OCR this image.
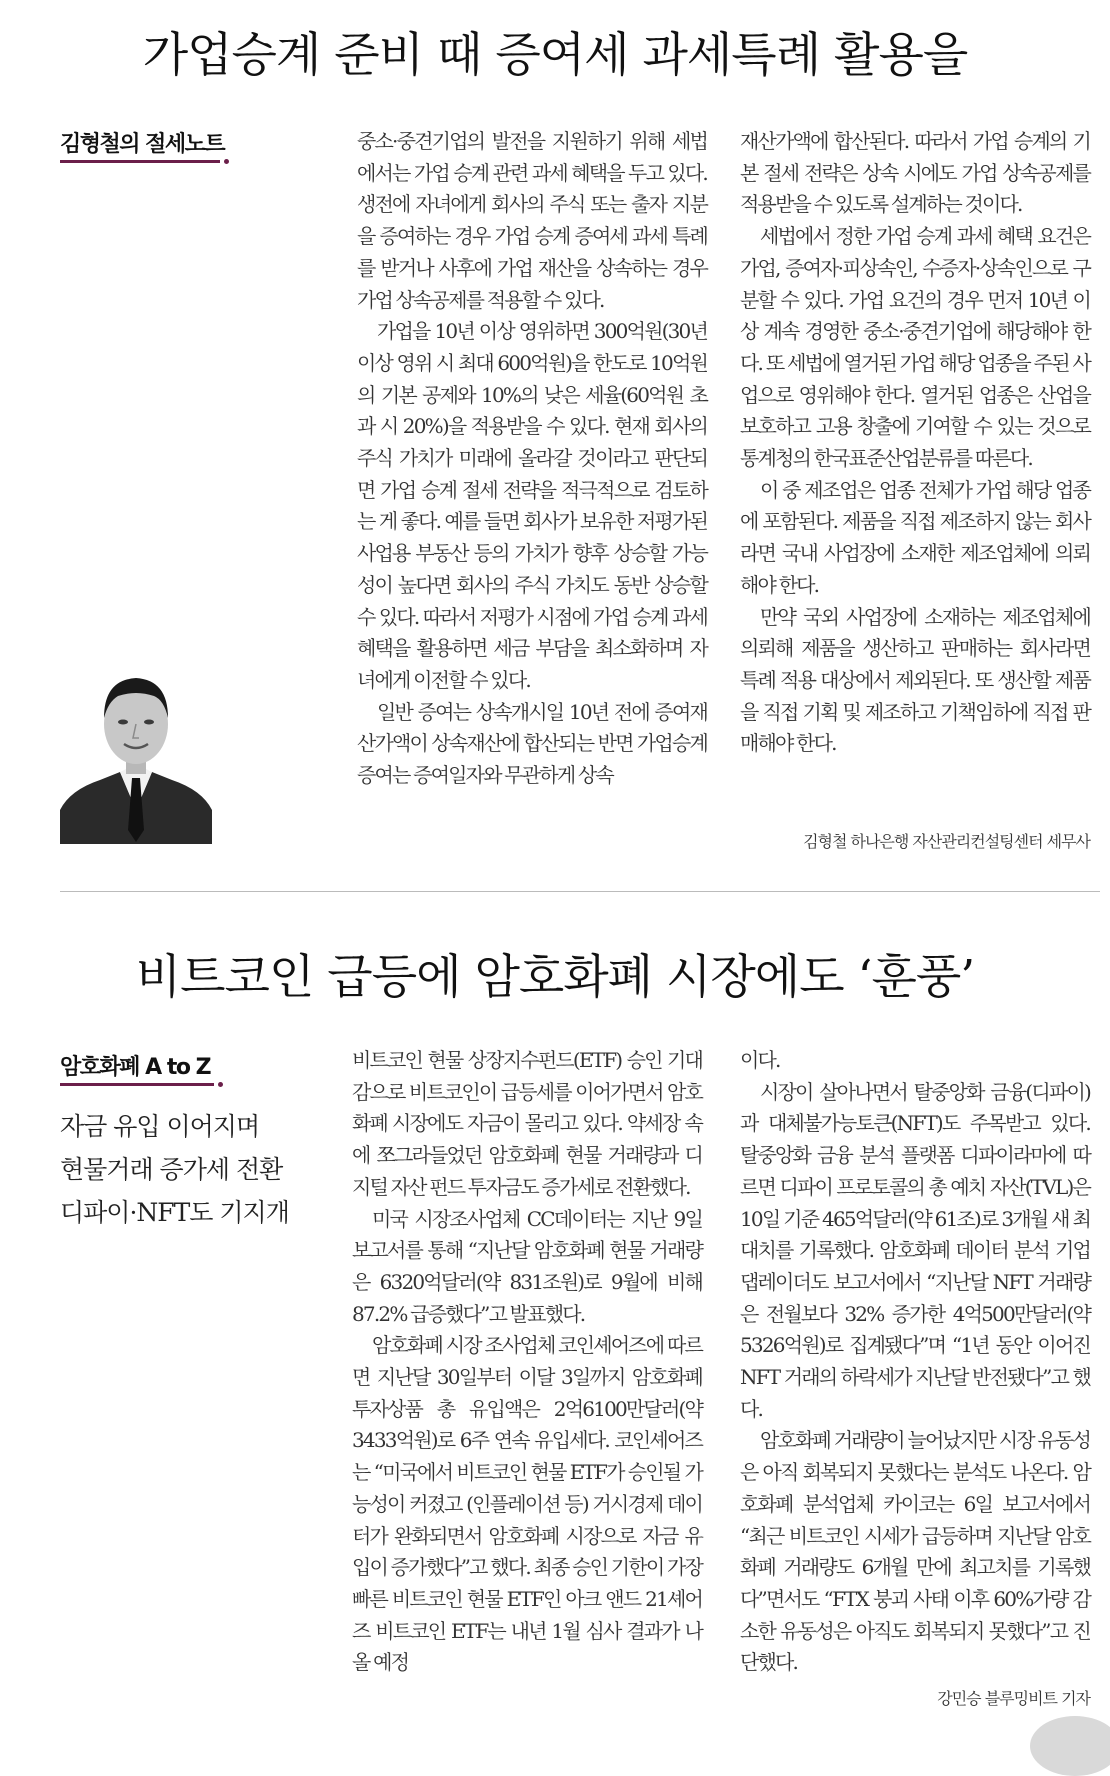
가업승계 준비 때 증여세 과세특례 활용을
김형철의 절세노트	중소·중견기업의 발전을 지원하기 위해 세법에서는 가업 승계 관련 과세 혜택을 두고 있다. 생전에 자녀에게 회사의 주식 또는 출자 지분을 증여하는 경우 가업 승계 증여세 과세 특례를 받거나 사후에 가업 재산을 상속하는 경우 가업 상속공제를 적용할 수 있다.

가업을 10년 이상 영위하면 300억원(30년 이상 영위 시 최대 600억원)을 한도로 10억원의 기본 공제와 10%의 낮은 세율(60억원 초과 시 20%)을 적용받을 수 있다. 현재 회사의 주식 가치가 미래에 올라갈 것이라고 판단되면 가업 승계 절세 전략을 적극적으로 검토하는 게 좋다. 예를 들면 회사가 보유한 저평가된 사업용 부동산 등의 가치가 향후 상승할 가능성이 높다면 회사의 주식 가치도 동반 상승할 수 있다. 따라서 저평가 시점에 가업 승계 과세 혜택을 활용하면 세금 부담을 최소화하며 자녀에게 이전할 수 있다.

일반 증여는 상속개시일 10년 전에 증여재산가액이 상속재산에 합산되는 반면 가업승계 증여는 증여일자와 무관하게 상속

재산가액에 합산된다. 따라서 가업 승계의 기본 절세 전략은 상속 시에도 가업 상속공제를 적용받을 수 있도록 설계하는 것이다.

세법에서 정한 가업 승계 과세 혜택 요건은 가업, 증여자·피상속인, 수증자·상속인으로 구분할 수 있다. 가업 요건의 경우 먼저 10년 이상 계속 경영한 중소·중견기업에 해당해야 한다. 또 세법에 열거된 가업 해당 업종을 주된 사업으로 영위해야 한다. 열거된 업종은 산업을 보호하고 고용 창출에 기여할 수 있는 것으로 통계청의 한국표준산업분류를 따른다.

이 중 제조업은 업종 전체가 가업 해당 업종에 포함된다. 제품을 직접 제조하지 않는 회사라면 국내 사업장에 소재한 제조업체에 의뢰해야 한다.

만약 국외 사업장에 소재하는 제조업체에 의뢰해 제품을 생산하고 판매하는 회사라면 특례 적용 대상에서 제외된다. 또 생산할 제품을 직접 기획 및 제조하고 기책임하에 직접 판매해야 한다.

김형철 하나은행 자산관리컨설팅센터 세무사
비트코인 급등에 암호화폐 시장에도 ‘훈풍’
암호화폐 A to Z
자금 유입 이어지며
현물거래 증가세 전환
디파이·NFT도 기지개

비트코인 현물 상장지수펀드(ETF) 승인 기대감으로 비트코인이 급등세를 이어가면서 암호화폐 시장에도 자금이 몰리고 있다. 약세장 속에 쪼그라들었던 암호화폐 현물 거래량과 디지털 자산 펀드 투자금도 증가세로 전환했다.

미국 시장조사업체 CC데이터는 지난 9일 보고서를 통해 “지난달 암호화폐 현물 거래량은 6320억달러(약 831조원)로 9월에 비해 87.2% 급증했다”고 발표했다.

암호화폐 시장 조사업체 코인셰어즈에 따르면 지난달 30일부터 이달 3일까지 암호화폐 투자상품 총 유입액은 2억6100만달러(약 3433억원)로 6주 연속 유입세다. 코인셰어즈는 “미국에서 비트코인 현물 ETF가 승인될 가능성이 커졌고 (인플레이션 등) 거시경제 데이터가 완화되면서 암호화폐 시장으로 자금 유입이 증가했다”고 했다. 최종 승인 기한이 가장 빠른 비트코인 현물 ETF인 아크 앤드 21셰어즈 비트코인 ETF는 내년 1월 심사 결과가 나올 예정

이다.

시장이 살아나면서 탈중앙화 금융(디파이)과 대체불가능토큰(NFT)도 주목받고 있다. 탈중앙화 금융 분석 플랫폼 디파이라마에 따르면 디파이 프로토콜의 총 예치 자산(TVL)은 10일 기준 465억달러(약 61조)로 3개월 새 최대치를 기록했다. 암호화폐 데이터 분석 기업 댑레이더도 보고서에서 “지난달 NFT 거래량은 전월보다 32% 증가한 4억500만달러(약 5326억원)로 집계됐다”며 “1년 동안 이어진 NFT 거래의 하락세가 지난달 반전됐다”고 했다.

암호화폐 거래량이 늘어났지만 시장 유동성은 아직 회복되지 못했다는 분석도 나온다. 암호화폐 분석업체 카이코는 6일 보고서에서 “최근 비트코인 시세가 급등하며 지난달 암호화폐 거래량도 6개월 만에 최고치를 기록했다”면서도 “FTX 붕괴 사태 이후 60%가량 감소한 유동성은 아직도 회복되지 못했다”고 진단했다.

강민승 블루밍비트 기자
